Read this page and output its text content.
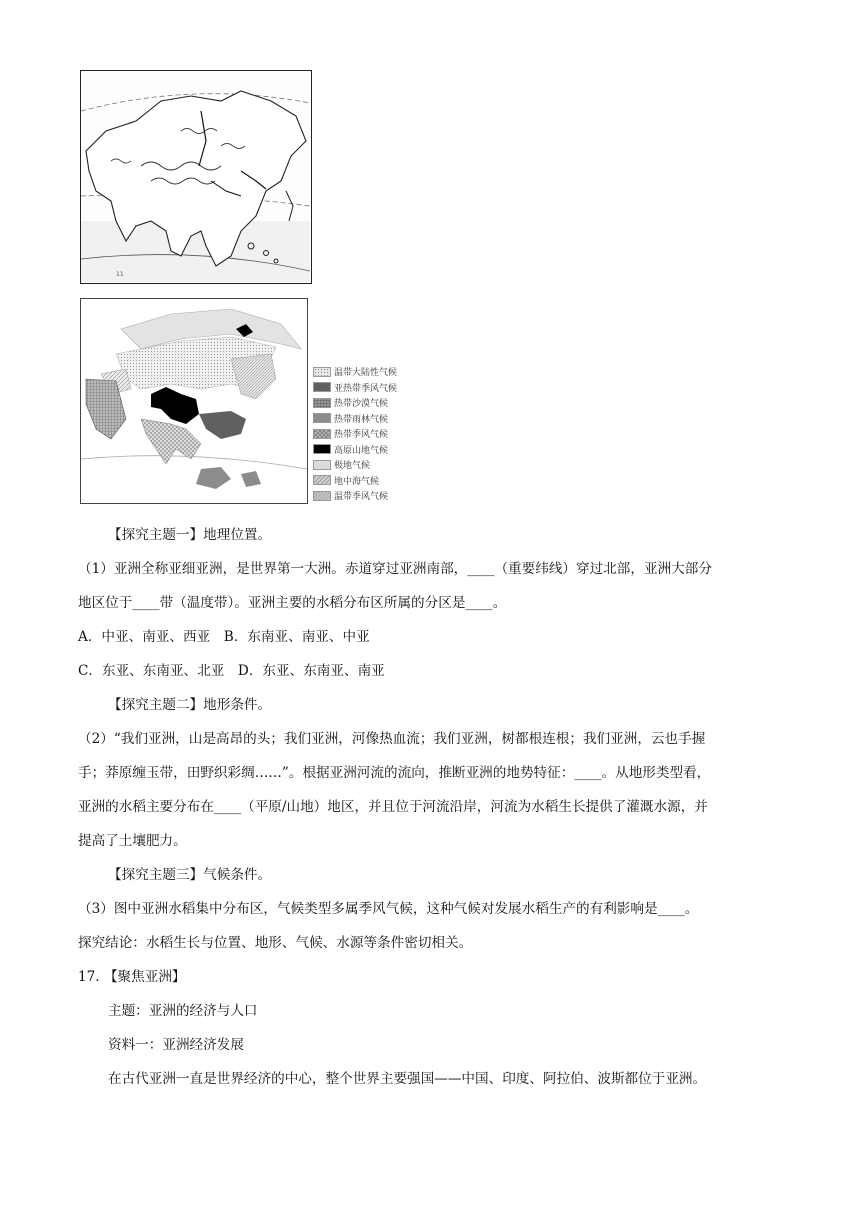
11
温带大陆性气候
亚热带季风气候
热带沙漠气候
热带雨林气候
热带季风气候
高原山地气候
极地气候
地中海气候
温带季风气候
【探究主题一】地理位置。
（1）亚洲全称亚细亚洲，是世界第一大洲。赤道穿过亚洲南部，____（重要纬线）穿过北部，亚洲大部分
地区位于____带（温度带）。亚洲主要的水稻分布区所属的分区是____。
A．中亚、南亚、西亚　B．东南亚、南亚、中亚
C．东亚、东南亚、北亚　D．东亚、东南亚、南亚
【探究主题二】地形条件。
（2）“我们亚洲，山是高昂的头；我们亚洲，河像热血流；我们亚洲，树都根连根；我们亚洲，云也手握
手；莽原缠玉带，田野织彩绸……”。根据亚洲河流的流向，推断亚洲的地势特征：____。从地形类型看，
亚洲的水稻主要分布在____（平原/山地）地区，并且位于河流沿岸，河流为水稻生长提供了灌溉水源，并
提高了土壤肥力。
【探究主题三】气候条件。
（3）图中亚洲水稻集中分布区，气候类型多属季风气候，这种气候对发展水稻生产的有利影响是____。
探究结论：水稻生长与位置、地形、气候、水源等条件密切相关。
17. 【聚焦亚洲】
主题：亚洲的经济与人口
资料一：亚洲经济发展
在古代亚洲一直是世界经济的中心，整个世界主要强国——中国、印度、阿拉伯、波斯都位于亚洲。
